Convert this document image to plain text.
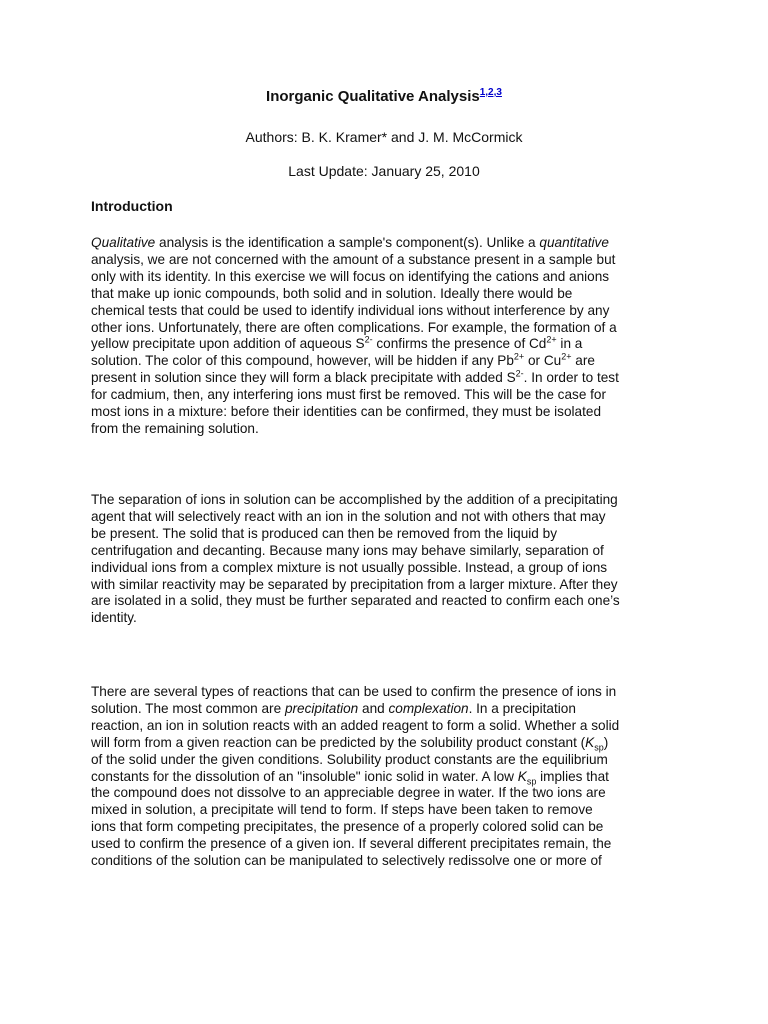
Inorganic Qualitative Analysis$^{1,2,3}$
Authors: B. K. Kramer* and J. M. McCormick
Last Update: January 25, 2010
Introduction
Qualitative analysis is the identification a sample's component(s). Unlike a quantitative
analysis, we are not concerned with the amount of a substance present in a sample but
only with its identity. In this exercise we will focus on identifying the cations and anions
that make up ionic compounds, both solid and in solution. Ideally there would be
chemical tests that could be used to identify individual ions without interference by any
other ions. Unfortunately, there are often complications. For example, the formation of a
yellow precipitate upon addition of aqueous $S^{2-}$ confirms the presence of $Cd^{2+}$ in a
solution. The color of this compound, however, will be hidden if any $Pb^{2+}$ or $Cu^{2+}$ are
present in solution since they will form a black precipitate with added $S^{2-}$. In order to test
for cadmium, then, any interfering ions must first be removed. This will be the case for
most ions in a mixture: before their identities can be confirmed, they must be isolated
from the remaining solution.
The separation of ions in solution can be accomplished by the addition of a precipitating
agent that will selectively react with an ion in the solution and not with others that may
be present. The solid that is produced can then be removed from the liquid by
centrifugation and decanting. Because many ions may behave similarly, separation of
individual ions from a complex mixture is not usually possible. Instead, a group of ions
with similar reactivity may be separated by precipitation from a larger mixture. After they
are isolated in a solid, they must be further separated and reacted to confirm each one’s
identity.
There are several types of reactions that can be used to confirm the presence of ions in
solution. The most common are precipitation and complexation. In a precipitation
reaction, an ion in solution reacts with an added reagent to form a solid. Whether a solid
will form from a given reaction can be predicted by the solubility product constant $(K_{sp})$
of the solid under the given conditions. Solubility product constants are the equilibrium
constants for the dissolution of an "insoluble" ionic solid in water. A low $K_{sp}$ implies that
the compound does not dissolve to an appreciable degree in water. If the two ions are
mixed in solution, a precipitate will tend to form. If steps have been taken to remove
ions that form competing precipitates, the presence of a properly colored solid can be
used to confirm the presence of a given ion. If several different precipitates remain, the
conditions of the solution can be manipulated to selectively redissolve one or more of
